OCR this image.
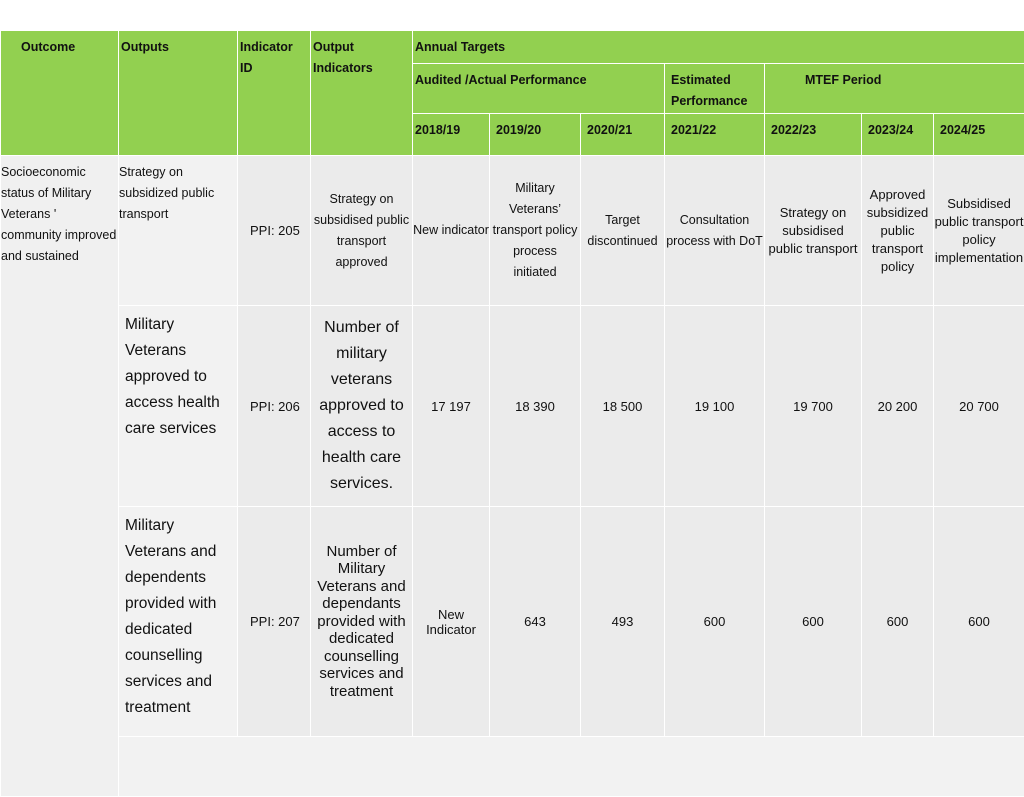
Outcome	Outputs	Indicator ID	Output Indicators	Annual Targets						
				Audited /Actual Performance			Estimated Performance	MTEF Period		
				2018/19	2019/20	2020/21	2021/22	2022/23	2023/24	2024/25
Socioeconomic status of Military Veterans ' community improved and sustained	Strategy on subsidized public transport	PPI: 205	Strategy on subsidised public transport approved	New indicator	Military Veterans’ transport policy process initiated	Target discontinued	Consultation process with DoT	Strategy on subsidised public transport	Approved subsidized public transport policy	Subsidised public transport policy implementation
	Military Veterans approved to access health care services	PPI: 206	Number of military veterans approved to access to health care services.	17 197	18 390	18 500	19 100	19 700	20 200	20 700
	Military Veterans and dependents provided with dedicated counselling services and treatment	PPI: 207	Number of Military Veterans and dependants provided with dedicated counselling services and treatment	New Indicator	643	493	600	600	600	600
